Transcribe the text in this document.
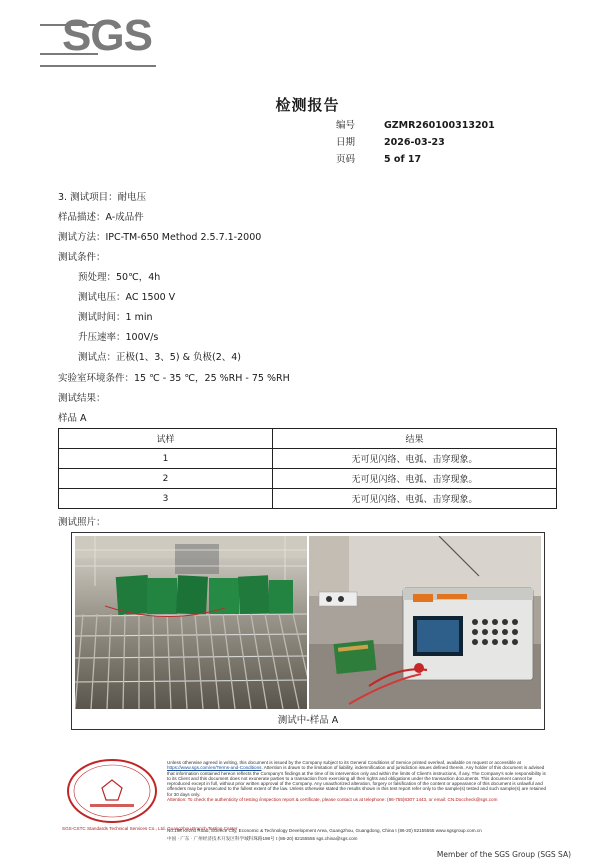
SGS
检测报告
编号	GZMR260100313201
日期	2026-03-23
页码	5 of 17
3. 测试项目：耐电压
样品描述：A-成品件
测试方法：IPC-TM-650 Method 2.5.7.1-2000
测试条件：
预处理：50℃，4h
测试电压：AC 1500 V
测试时间：1 min
升压速率：100V/s
测试点：正极(1、3、5) & 负极(2、4)
实验室环境条件：15 ℃ - 35 ℃，25 %RH - 75 %RH
测试结果：
样品 A
试样	结果
1	无可见闪络、电弧、击穿现象。
2	无可见闪络、电弧、击穿现象。
3	无可见闪络、电弧、击穿现象。
测试照片：
测试中-样品 A
SGS-CSTC Standards Technical Services Co., Ltd. Guangzhou Branch Testing Center
Unless otherwise agreed in writing, this document is issued by the Company subject to its General Conditions of Service printed overleaf, available on request or accessible at https://www.sgs.com/en/Terms-and-Conditions. Attention is drawn to the limitation of liability, indemnification and jurisdiction issues defined therein. Any holder of this document is advised that information contained hereon reflects the Company's findings at the time of its intervention only and within the limits of Client's instructions, if any. The Company's sole responsibility is to its Client and this document does not exonerate parties to a transaction from exercising all their rights and obligations under the transaction documents. This document cannot be reproduced except in full, without prior written approval of the Company. Any unauthorized alteration, forgery or falsification of the content or appearance of this document is unlawful and offenders may be prosecuted to the fullest extent of the law. Unless otherwise stated the results shown in this test report refer only to the sample(s) tested and such sample(s) are retained for 30 days only.
Attention: To check the authenticity of testing /inspection report & certificate, please contact us at telephone: (86-755)8307 1443, or email: CN.Doccheck@sgs.com
No.198 Kezhu Road, Science City, Economic & Technology Development Area, Guangzhou, Guangdong, China t (86-20) 82155555 www.sgsgroup.com.cn
中国 · 广东 · 广州经济技术开发区科学城科珠路198号 t (86-20) 82155555 sgs.china@sgs.com
Member of the SGS Group (SGS SA)
